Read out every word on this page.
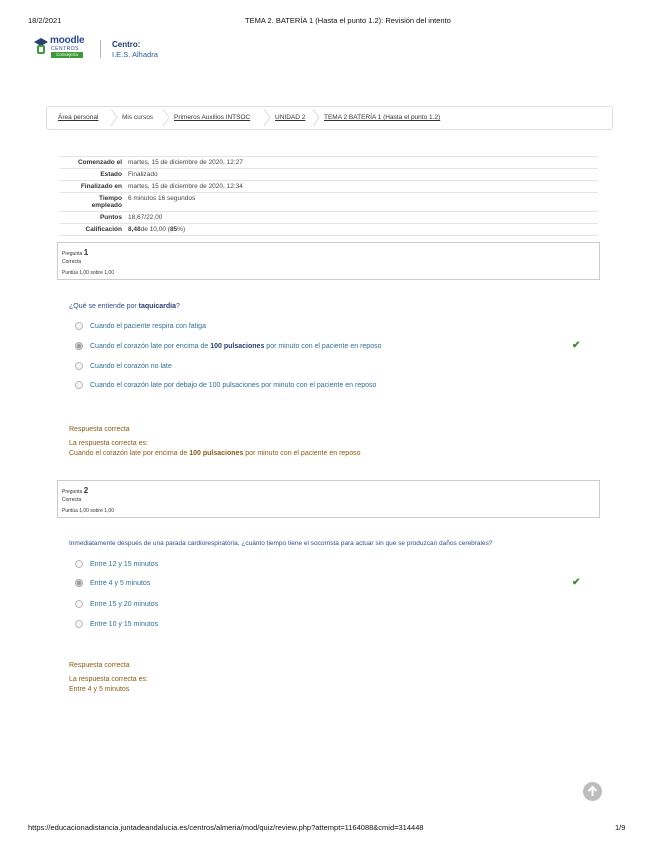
18/2/2021	TEMA 2. BATERÍA 1 (Hasta el punto 1.2): Revisión del intento
moodle
CENTROS
Consejería
Centro:
I.E.S. Alhadra
Área personal	Mis cursos	Primeros Auxilios INTSOC	UNIDAD 2	TEMA 2 BATERÍA 1 (Hasta el punto 1.2)
Comenzado el martes, 15 de diciembre de 2020, 12:27
Estado Finalizado
Finalizado en martes, 15 de diciembre de 2020, 12:34
Tiempo
empleado
6 minutos 16 segundos
Puntos 18,67/22,00
Calificación 8,48de 10,00 (85%)
Pregunta 1
Correcta
Puntúa 1,00 sobre 1,00
¿Qué se entiende por taquicardia?
Cuando el paciente respira con fatiga
Cuando el corazón late por encima de 100 pulsaciones por minuto con el paciente en reposo	✔
Cuando el corazón no late
Cuando el corazón late por debajo de 100 pulsaciones por minuto con el paciente en reposo
Respuesta correcta
La respuesta correcta es:
Cuando el corazón late por encima de 100 pulsaciones por minuto con el paciente en reposo
Pregunta 2
Correcta
Puntúa 1,00 sobre 1,00
Inmediatamente después de una parada cardiorespiratoria, ¿cuánto tiempo tiene el socorrista para actuar sin que se produzcan daños cerebrales?
Entre 12 y 15 minutos
Entre 4 y 5 minutos	✔
Entre 15 y 20 minutos
Entre 10 y 15 minutos
Respuesta correcta
La respuesta correcta es:
Entre 4 y 5 minutos
https://educacionadistancia.juntadeandalucia.es/centros/almeria/mod/quiz/review.php?attempt=1164088&cmid=314448	1/9
